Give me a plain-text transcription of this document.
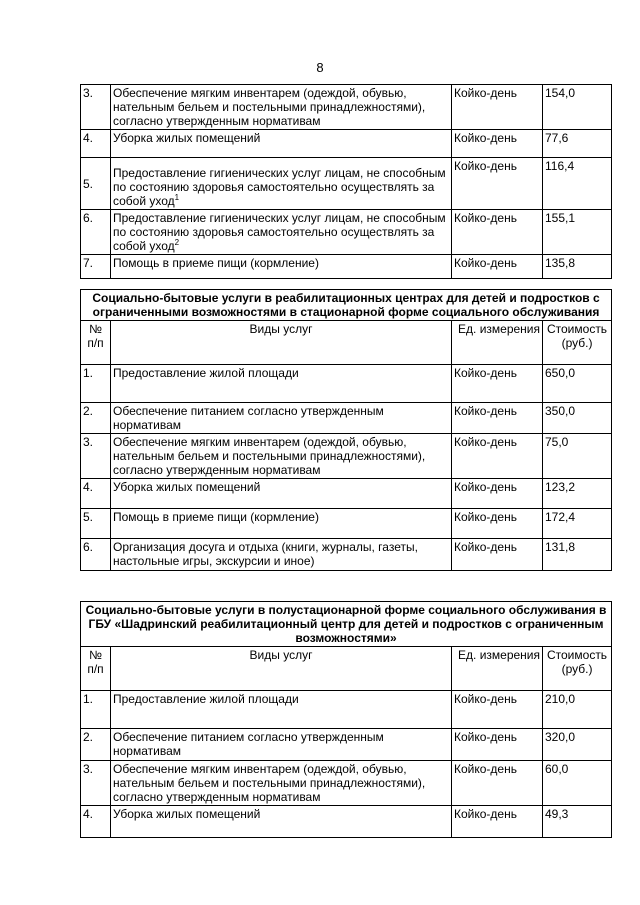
8
3.	Обеспечение мягким инвентарем (одеждой, обувью, нательным бельем и постельными принадлежностями), согласно утвержденным нормативам	Койко-день	154,0
4.	Уборка жилых помещений	Койко-день	77,6
5.	Предоставление гигиенических услуг лицам, не способным по состоянию здоровья самостоятельно осуществлять за собой уход$^1$	Койко-день	116,4
6.	Предоставление гигиенических услуг лицам, не способным по состоянию здоровья самостоятельно осуществлять за собой уход$^2$	Койко-день	155,1
7.	Помощь в приеме пищи (кормление)	Койко-день	135,8
Социально-бытовые услуги в реабилитационных центрах для детей и подростков с ограниченными возможностями в стационарной форме социального обслуживания			
№ п/п	Виды услуг	Ед. измерения	Стоимость (руб.)
1.	Предоставление жилой площади	Койко-день	650,0
2.	Обеспечение питанием согласно утвержденным нормативам	Койко-день	350,0
3.	Обеспечение мягким инвентарем (одеждой, обувью, нательным бельем и постельными принадлежностями), согласно утвержденным нормативам	Койко-день	75,0
4.	Уборка жилых помещений	Койко-день	123,2
5.	Помощь в приеме пищи (кормление)	Койко-день	172,4
6.	Организация досуга и отдыха (книги, журналы, газеты, настольные игры, экскурсии и иное)	Койко-день	131,8
Социально-бытовые услуги в полустационарной форме социального обслуживания в ГБУ «Шадринский реабилитационный центр для детей и подростков с ограниченным возможностями»			
№ п/п	Виды услуг	Ед. измерения	Стоимость (руб.)
1.	Предоставление жилой площади	Койко-день	210,0
2.	Обеспечение питанием согласно утвержденным нормативам	Койко-день	320,0
3.	Обеспечение мягким инвентарем (одеждой, обувью, нательным бельем и постельными принадлежностями), согласно утвержденным нормативам	Койко-день	60,0
4.	Уборка жилых помещений	Койко-день	49,3
